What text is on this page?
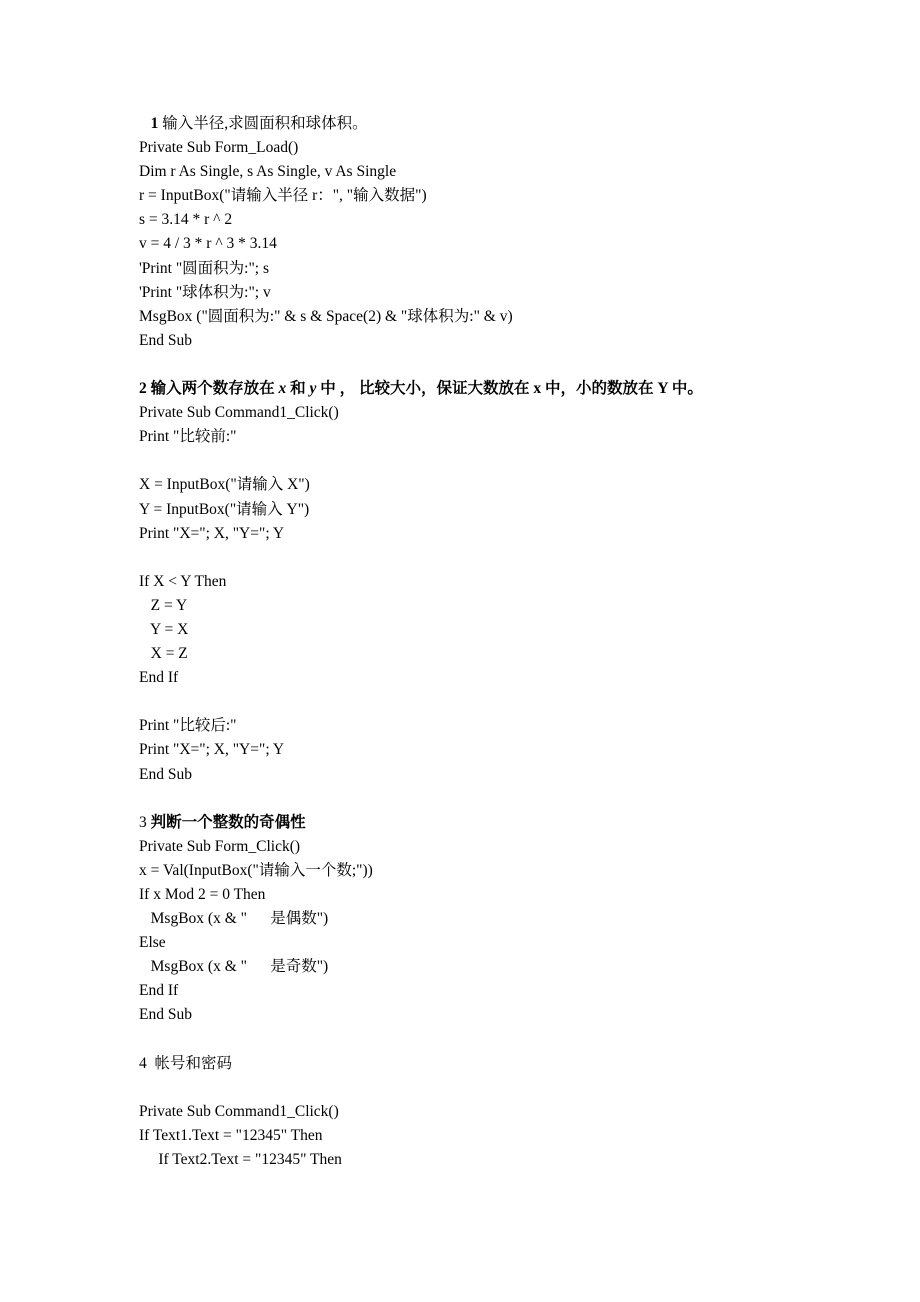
1 输入半径,求圆面积和球体积。
Private Sub Form_Load()
Dim r As Single, s As Single, v As Single
r = InputBox("请输入半径 r：", "输入数据")
s = 3.14 * r ^ 2
v = 4 / 3 * r ^ 3 * 3.14
'Print "圆面积为:"; s
'Print "球体积为:"; v
MsgBox ("圆面积为:" & s & Space(2) & "球体积为:" & v)
End Sub
2 输入两个数存放在 x 和 y 中 ， 比较大小，保证大数放在 x 中，小的数放在 Y 中。
Private Sub Command1_Click()
Print "比较前:"
X = InputBox("请输入 X")
Y = InputBox("请输入 Y")
Print "X="; X, "Y="; Y
If X < Y Then
Z = Y
Y = X
X = Z
End If
Print "比较后:"
Print "X="; X, "Y="; Y
End Sub
3 判断一个整数的奇偶性
Private Sub Form_Click()
x = Val(InputBox("请输入一个数;"))
If x Mod 2 = 0 Then
MsgBox (x & "      是偶数")
Else
MsgBox (x & "      是奇数")
End If
End Sub
4  帐号和密码
Private Sub Command1_Click()
If Text1.Text = "12345" Then
If Text2.Text = "12345" Then
